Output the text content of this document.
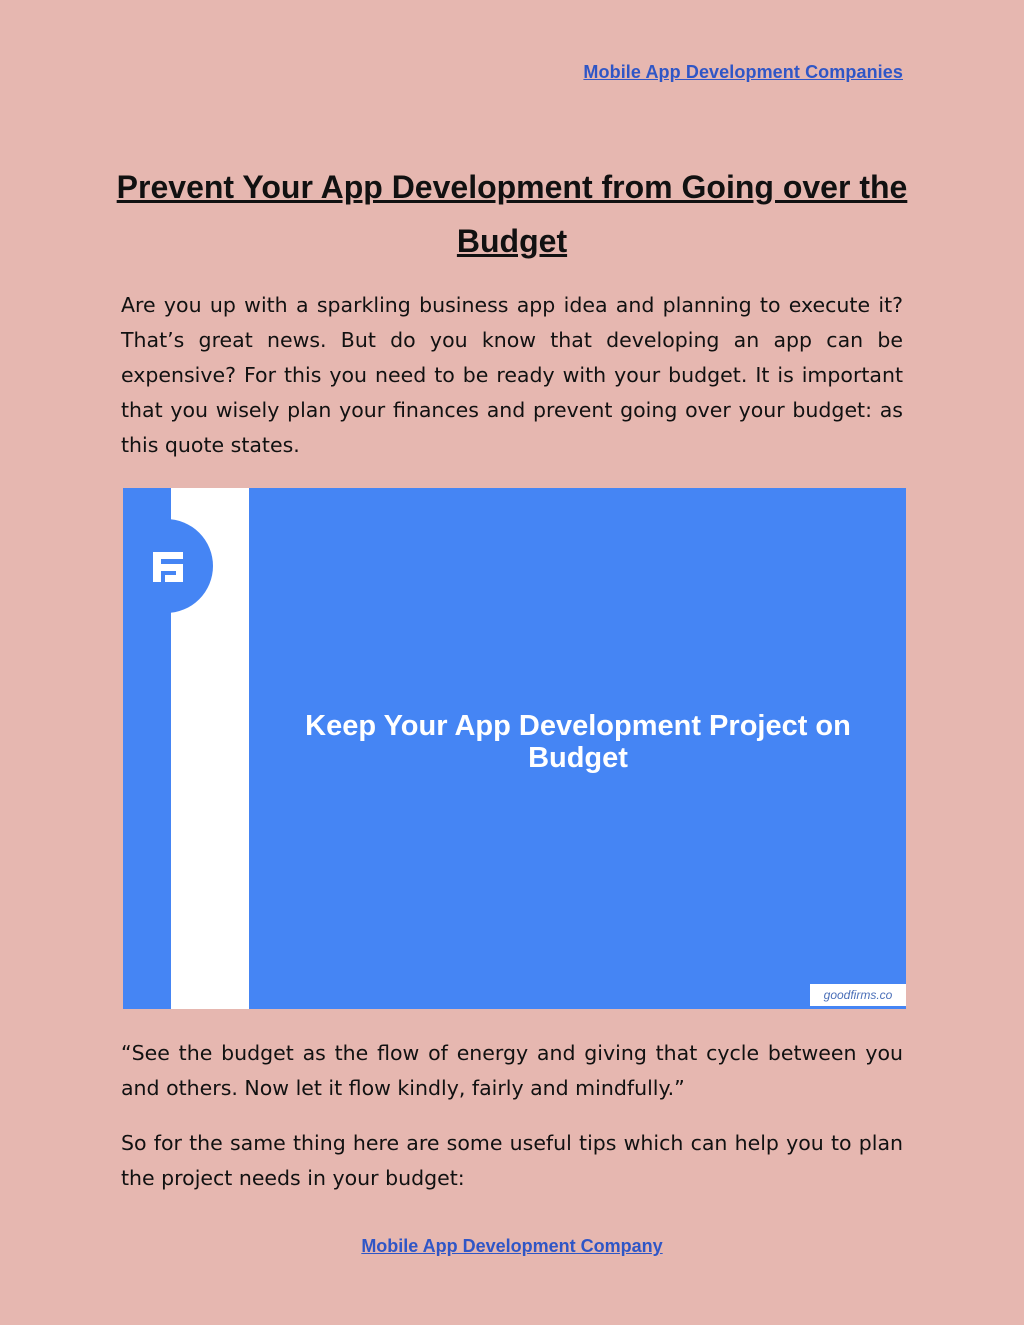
Mobile App Development Companies
Prevent Your App Development from Going over the Budget

Are you up with a sparkling business app idea and planning to execute it? That’s great news. But do you know that developing an app can be expensive? For this you need to be ready with your budget. It is important that you wisely plan your finances and prevent going over your budget: as this quote states.

Keep Your App Development Project on Budget
goodfirms.co

“See the budget as the flow of energy and giving that cycle between you and others. Now let it flow kindly, fairly and mindfully.”

So for the same thing here are some useful tips which can help you to plan the project needs in your budget:

Mobile App Development Company
